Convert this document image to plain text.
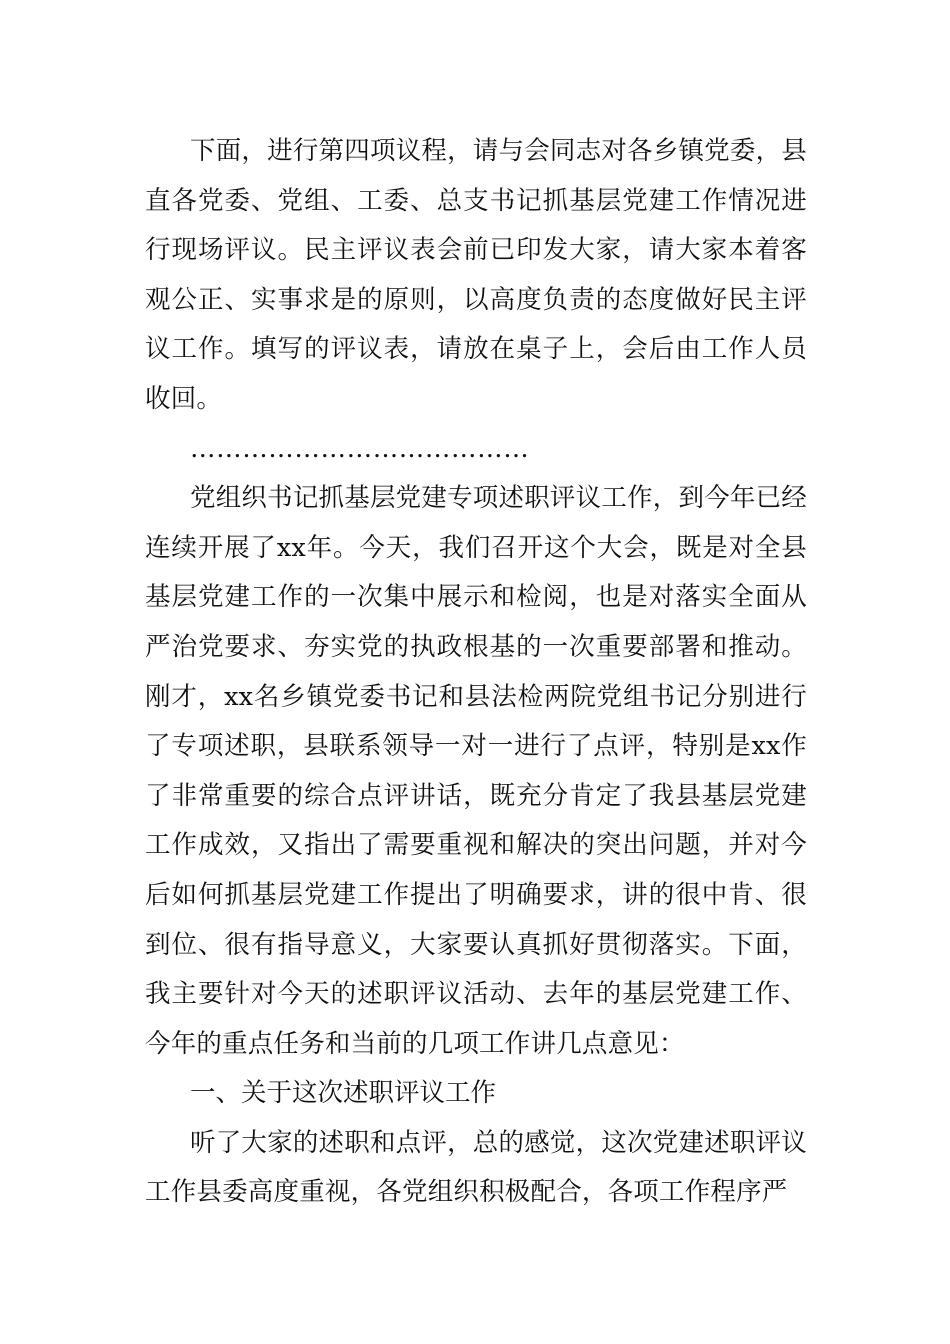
下面，进行第四项议程，请与会同志对各乡镇党委，县直各党委、党组、工委、总支书记抓基层党建工作情况进行现场评议。民主评议表会前已印发大家，请大家本着客观公正、实事求是的原则，以高度负责的态度做好民主评议工作。填写的评议表，请放在桌子上，会后由工作人员收回。

…………………………………

党组织书记抓基层党建专项述职评议工作，到今年已经连续开展了xx年。今天，我们召开这个大会，既是对全县基层党建工作的一次集中展示和检阅，也是对落实全面从严治党要求、夯实党的执政根基的一次重要部署和推动。刚才，xx名乡镇党委书记和县法检两院党组书记分别进行了专项述职，县联系领导一对一进行了点评，特别是xx作了非常重要的综合点评讲话，既充分肯定了我县基层党建工作成效，又指出了需要重视和解决的突出问题，并对今后如何抓基层党建工作提出了明确要求，讲的很中肯、很到位、很有指导意义，大家要认真抓好贯彻落实。下面，我主要针对今天的述职评议活动、去年的基层党建工作、今年的重点任务和当前的几项工作讲几点意见：

一、关于这次述职评议工作

听了大家的述职和点评，总的感觉，这次党建述职评议工作县委高度重视，各党组织积极配合，各项工作程序严
